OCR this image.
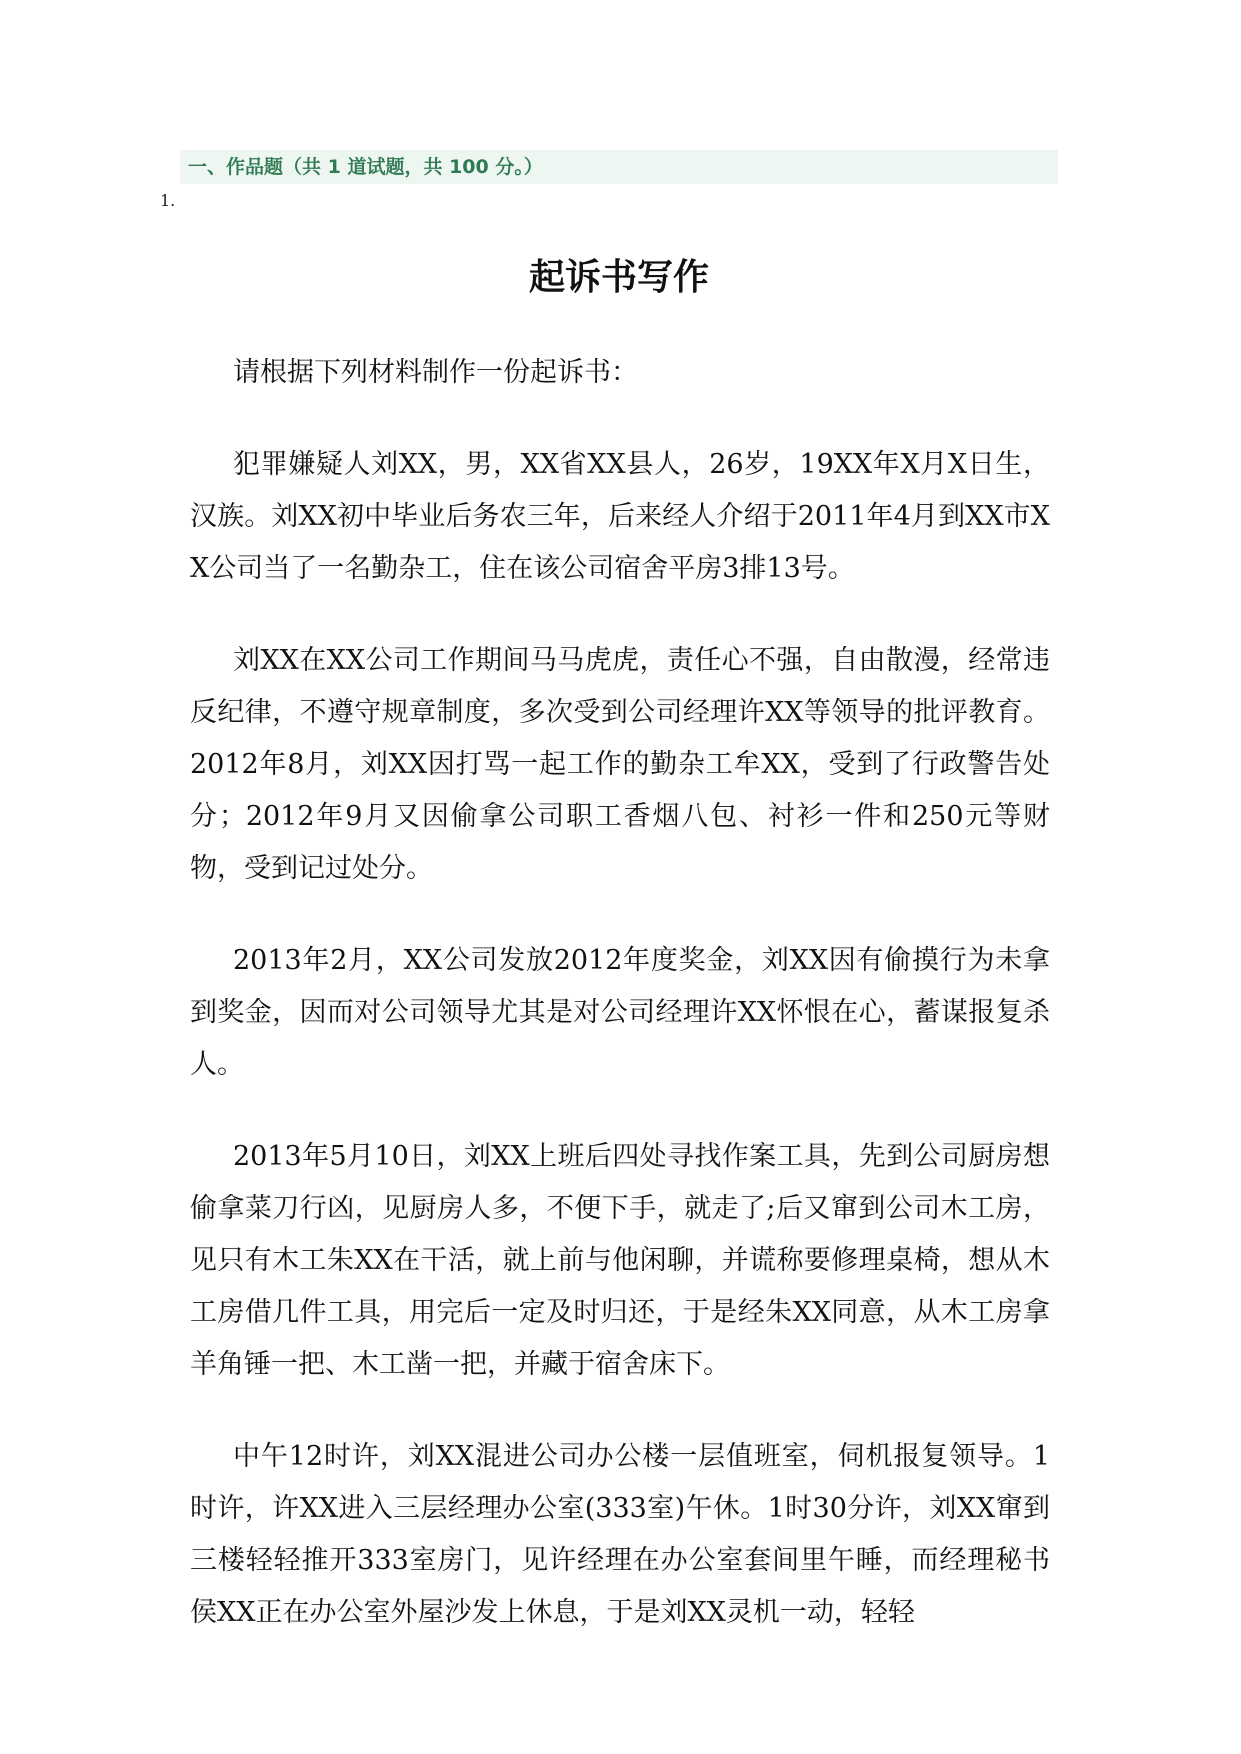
一、作品题（共 1 道试题，共 100 分。）
1.
起诉书写作

请根据下列材料制作一份起诉书：

犯罪嫌疑人刘XX，男，XX省XX县人，26岁，19XX年X月X日生，汉族。刘XX初中毕业后务农三年，后来经人介绍于2011年4月到XX市XX公司当了一名勤杂工，住在该公司宿舍平房3排13号。

刘XX在XX公司工作期间马马虎虎，责任心不强，自由散漫，经常违反纪律，不遵守规章制度，多次受到公司经理许XX等领导的批评教育。2012年8月，刘XX因打骂一起工作的勤杂工牟XX，受到了行政警告处分；2012年9月又因偷拿公司职工香烟八包、衬衫一件和250元等财物，受到记过处分。

2013年2月，XX公司发放2012年度奖金，刘XX因有偷摸行为未拿到奖金，因而对公司领导尤其是对公司经理许XX怀恨在心，蓄谋报复杀人。

2013年5月10日，刘XX上班后四处寻找作案工具，先到公司厨房想偷拿菜刀行凶，见厨房人多，不便下手，就走了;后又窜到公司木工房，见只有木工朱XX在干活，就上前与他闲聊，并谎称要修理桌椅，想从木工房借几件工具，用完后一定及时归还，于是经朱XX同意，从木工房拿羊角锤一把、木工凿一把，并藏于宿舍床下。

中午12时许，刘XX混进公司办公楼一层值班室，伺机报复领导。1时许，许XX进入三层经理办公室(333室)午休。1时30分许，刘XX窜到三楼轻轻推开333室房门，见许经理在办公室套间里午睡，而经理秘书侯XX正在办公室外屋沙发上休息，于是刘XX灵机一动，轻轻
